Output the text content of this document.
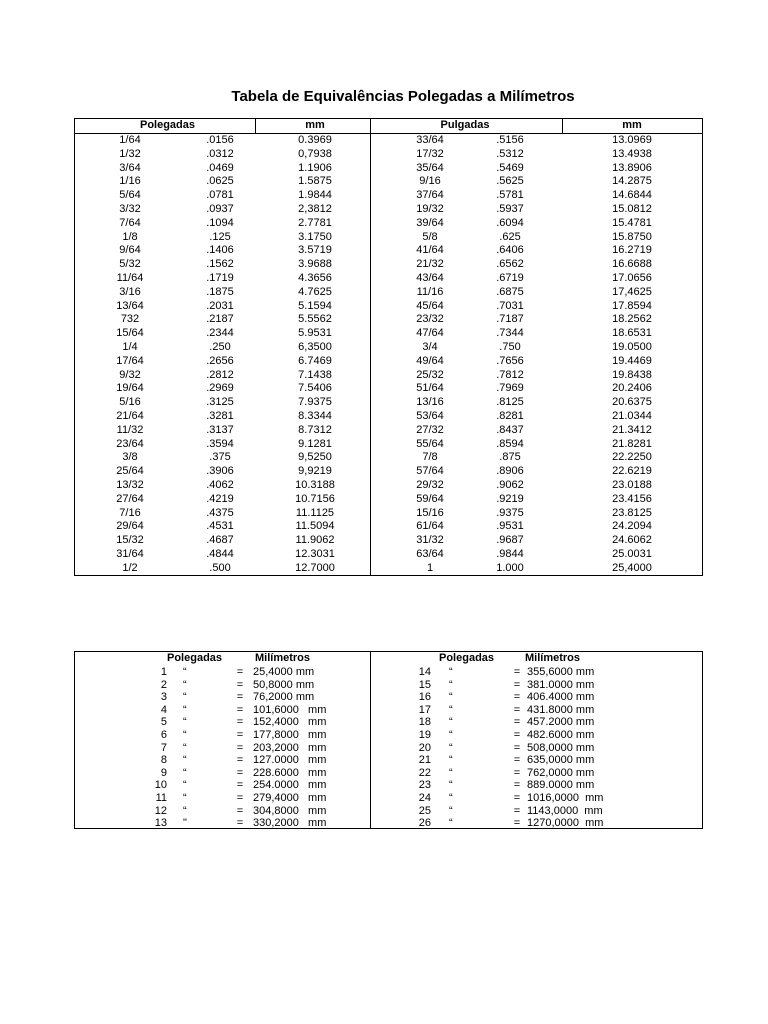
Tabela de Equivalências Polegadas a Milímetros
Polegadas	mm	Pulgadas	mm
1/64	.0156	0.3969	33/64	.5156	13.0969
1/32	.0312	0,7938	17/32	.5312	13.4938
3/64	.0469	1.1906	35/64	.5469	13.8906
1/16	.0625	1.5875	9/16	.5625	14.2875
5/64	.0781	1.9844	37/64	.5781	14.6844
3/32	.0937	2,3812	19/32	.5937	15.0812
7/64	.1094	2.7781	39/64	.6094	15.4781
1/8	.125	3.1750	5/8	.625	15.8750
9/64	.1406	3.5719	41/64	.6406	16.2719
5/32	.1562	3.9688	21/32	.6562	16.6688
11/64	.1719	4.3656	43/64	.6719	17.0656
3/16	.1875	4.7625	11/16	.6875	17,4625
13/64	.2031	5.1594	45/64	.7031	17.8594
732	.2187	5.5562	23/32	.7187	18.2562
15/64	.2344	5.9531	47/64	.7344	18.6531
1/4	.250	6,3500	3/4	.750	19.0500
17/64	.2656	6.7469	49/64	.7656	19.4469
9/32	.2812	7.1438	25/32	.7812	19.8438
19/64	.2969	7.5406	51/64	.7969	20.2406
5/16	.3125	7.9375	13/16	.8125	20.6375
21/64	.3281	8.3344	53/64	.8281	21.0344
11/32	.3137	8.7312	27/32	.8437	21.3412
23/64	.3594	9.1281	55/64	.8594	21.8281
3/8	.375	9,5250	7/8	.875	22.2250
25/64	.3906	9,9219	57/64	.8906	22.6219
13/32	.4062	10.3188	29/32	.9062	23.0188
27/64	.4219	10.7156	59/64	.9219	23.4156
7/16	.4375	11.1125	15/16	.9375	23.8125
29/64	.4531	11.5094	61/64	.9531	24.2094
15/32	.4687	11.9062	31/32	.9687	24.6062
31/64	.4844	12.3031	63/64	.9844	25.0031
1/2	.500	12.7000	1	1.000	25,4000
Polegadas	Milímetros	Polegadas	Milímetros
1 “	= 25,4000 mm	14 “	= 355,6000 mm
2 “	= 50,8000 mm	15 “	= 381.0000 mm
3 “	= 76,2000 mm	16 “	= 406.4000 mm
4 “	= 101,6000   mm	17 “	= 431.8000 mm
5 “	= 152,4000   mm	18 “	= 457.2000 mm
6 “	= 177,8000   mm	19 “	= 482.6000 mm
7 “	= 203,2000   mm	20 “	= 508,0000 mm
8 “	= 127.0000   mm	21 “	= 635,0000 mm
9 “	= 228.6000   mm	22 “	= 762,0000 mm
10 “	= 254.0000   mm	23 “	= 889.0000 mm
11 “	= 279,4000   mm	24 “	= 1016,0000  mm
12 “	= 304,8000   mm	25 “	= 1143,0000  mm
13 "	= 330,2000   mm	26 “	= 1270,0000  mm
